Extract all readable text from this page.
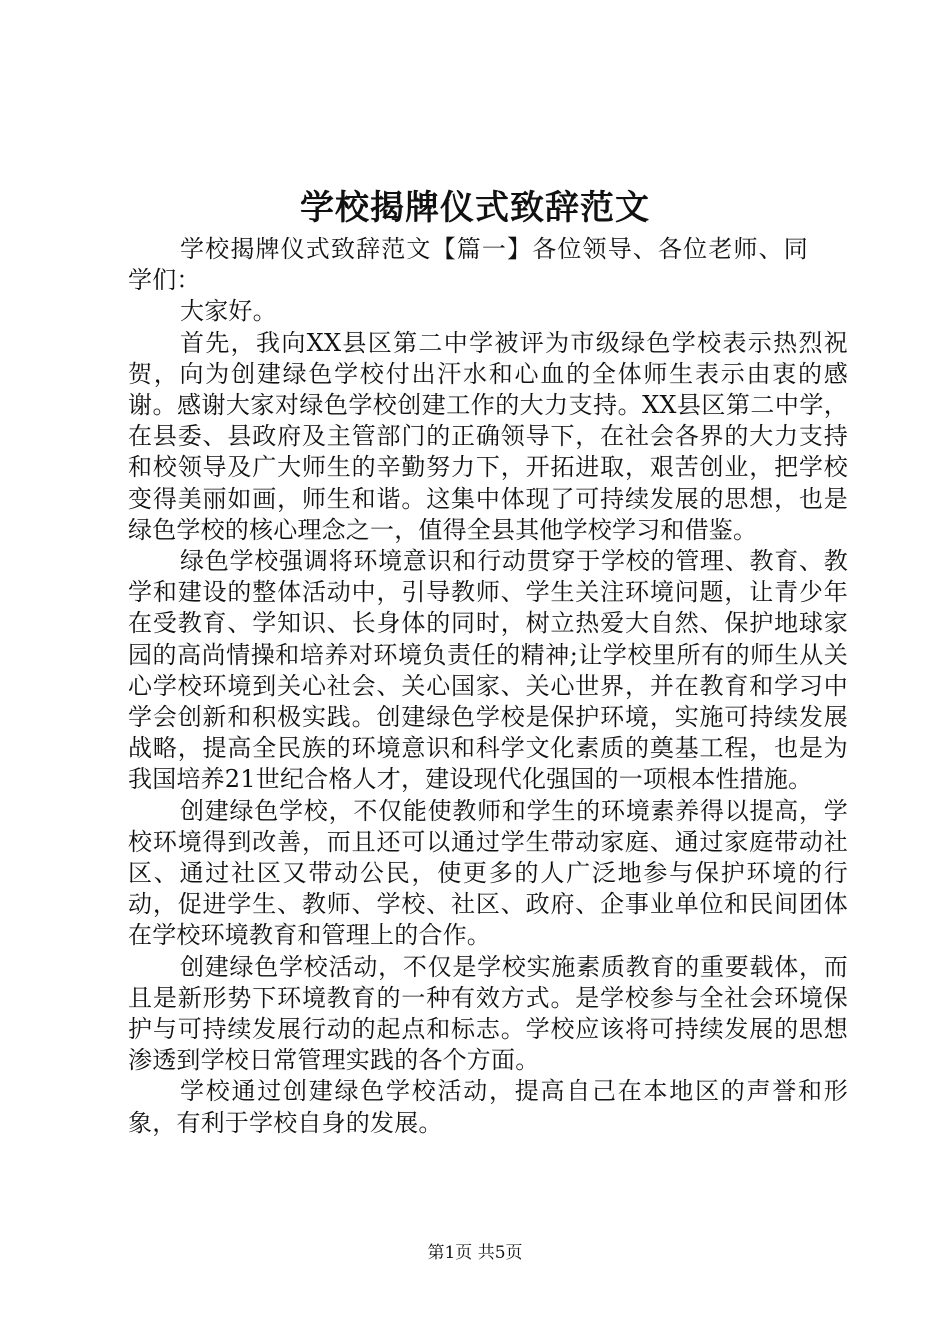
学校揭牌仪式致辞范文

学校揭牌仪式致辞范文【篇一】各位领导、各位老师、同学们：

大家好。

首先，我向XX县区第二中学被评为市级绿色学校表示热烈祝贺，向为创建绿色学校付出汗水和心血的全体师生表示由衷的感谢。感谢大家对绿色学校创建工作的大力支持。XX县区第二中学，在县委、县政府及主管部门的正确领导下，在社会各界的大力支持和校领导及广大师生的辛勤努力下，开拓进取，艰苦创业，把学校变得美丽如画，师生和谐。这集中体现了可持续发展的思想，也是绿色学校的核心理念之一，值得全县其他学校学习和借鉴。

绿色学校强调将环境意识和行动贯穿于学校的管理、教育、教学和建设的整体活动中，引导教师、学生关注环境问题，让青少年在受教育、学知识、长身体的同时，树立热爱大自然、保护地球家园的高尚情操和培养对环境负责任的精神;让学校里所有的师生从关心学校环境到关心社会、关心国家、关心世界，并在教育和学习中学会创新和积极实践。创建绿色学校是保护环境，实施可持续发展战略，提高全民族的环境意识和科学文化素质的奠基工程，也是为我国培养21世纪合格人才，建设现代化强国的一项根本性措施。

创建绿色学校，不仅能使教师和学生的环境素养得以提高，学校环境得到改善，而且还可以通过学生带动家庭、通过家庭带动社区、通过社区又带动公民，使更多的人广泛地参与保护环境的行动，促进学生、教师、学校、社区、政府、企事业单位和民间团体在学校环境教育和管理上的合作。

创建绿色学校活动，不仅是学校实施素质教育的重要载体，而且是新形势下环境教育的一种有效方式。是学校参与全社会环境保护与可持续发展行动的起点和标志。学校应该将可持续发展的思想渗透到学校日常管理实践的各个方面。

学校通过创建绿色学校活动，提高自己在本地区的声誉和形象，有利于学校自身的发展。

第1页 共5页
